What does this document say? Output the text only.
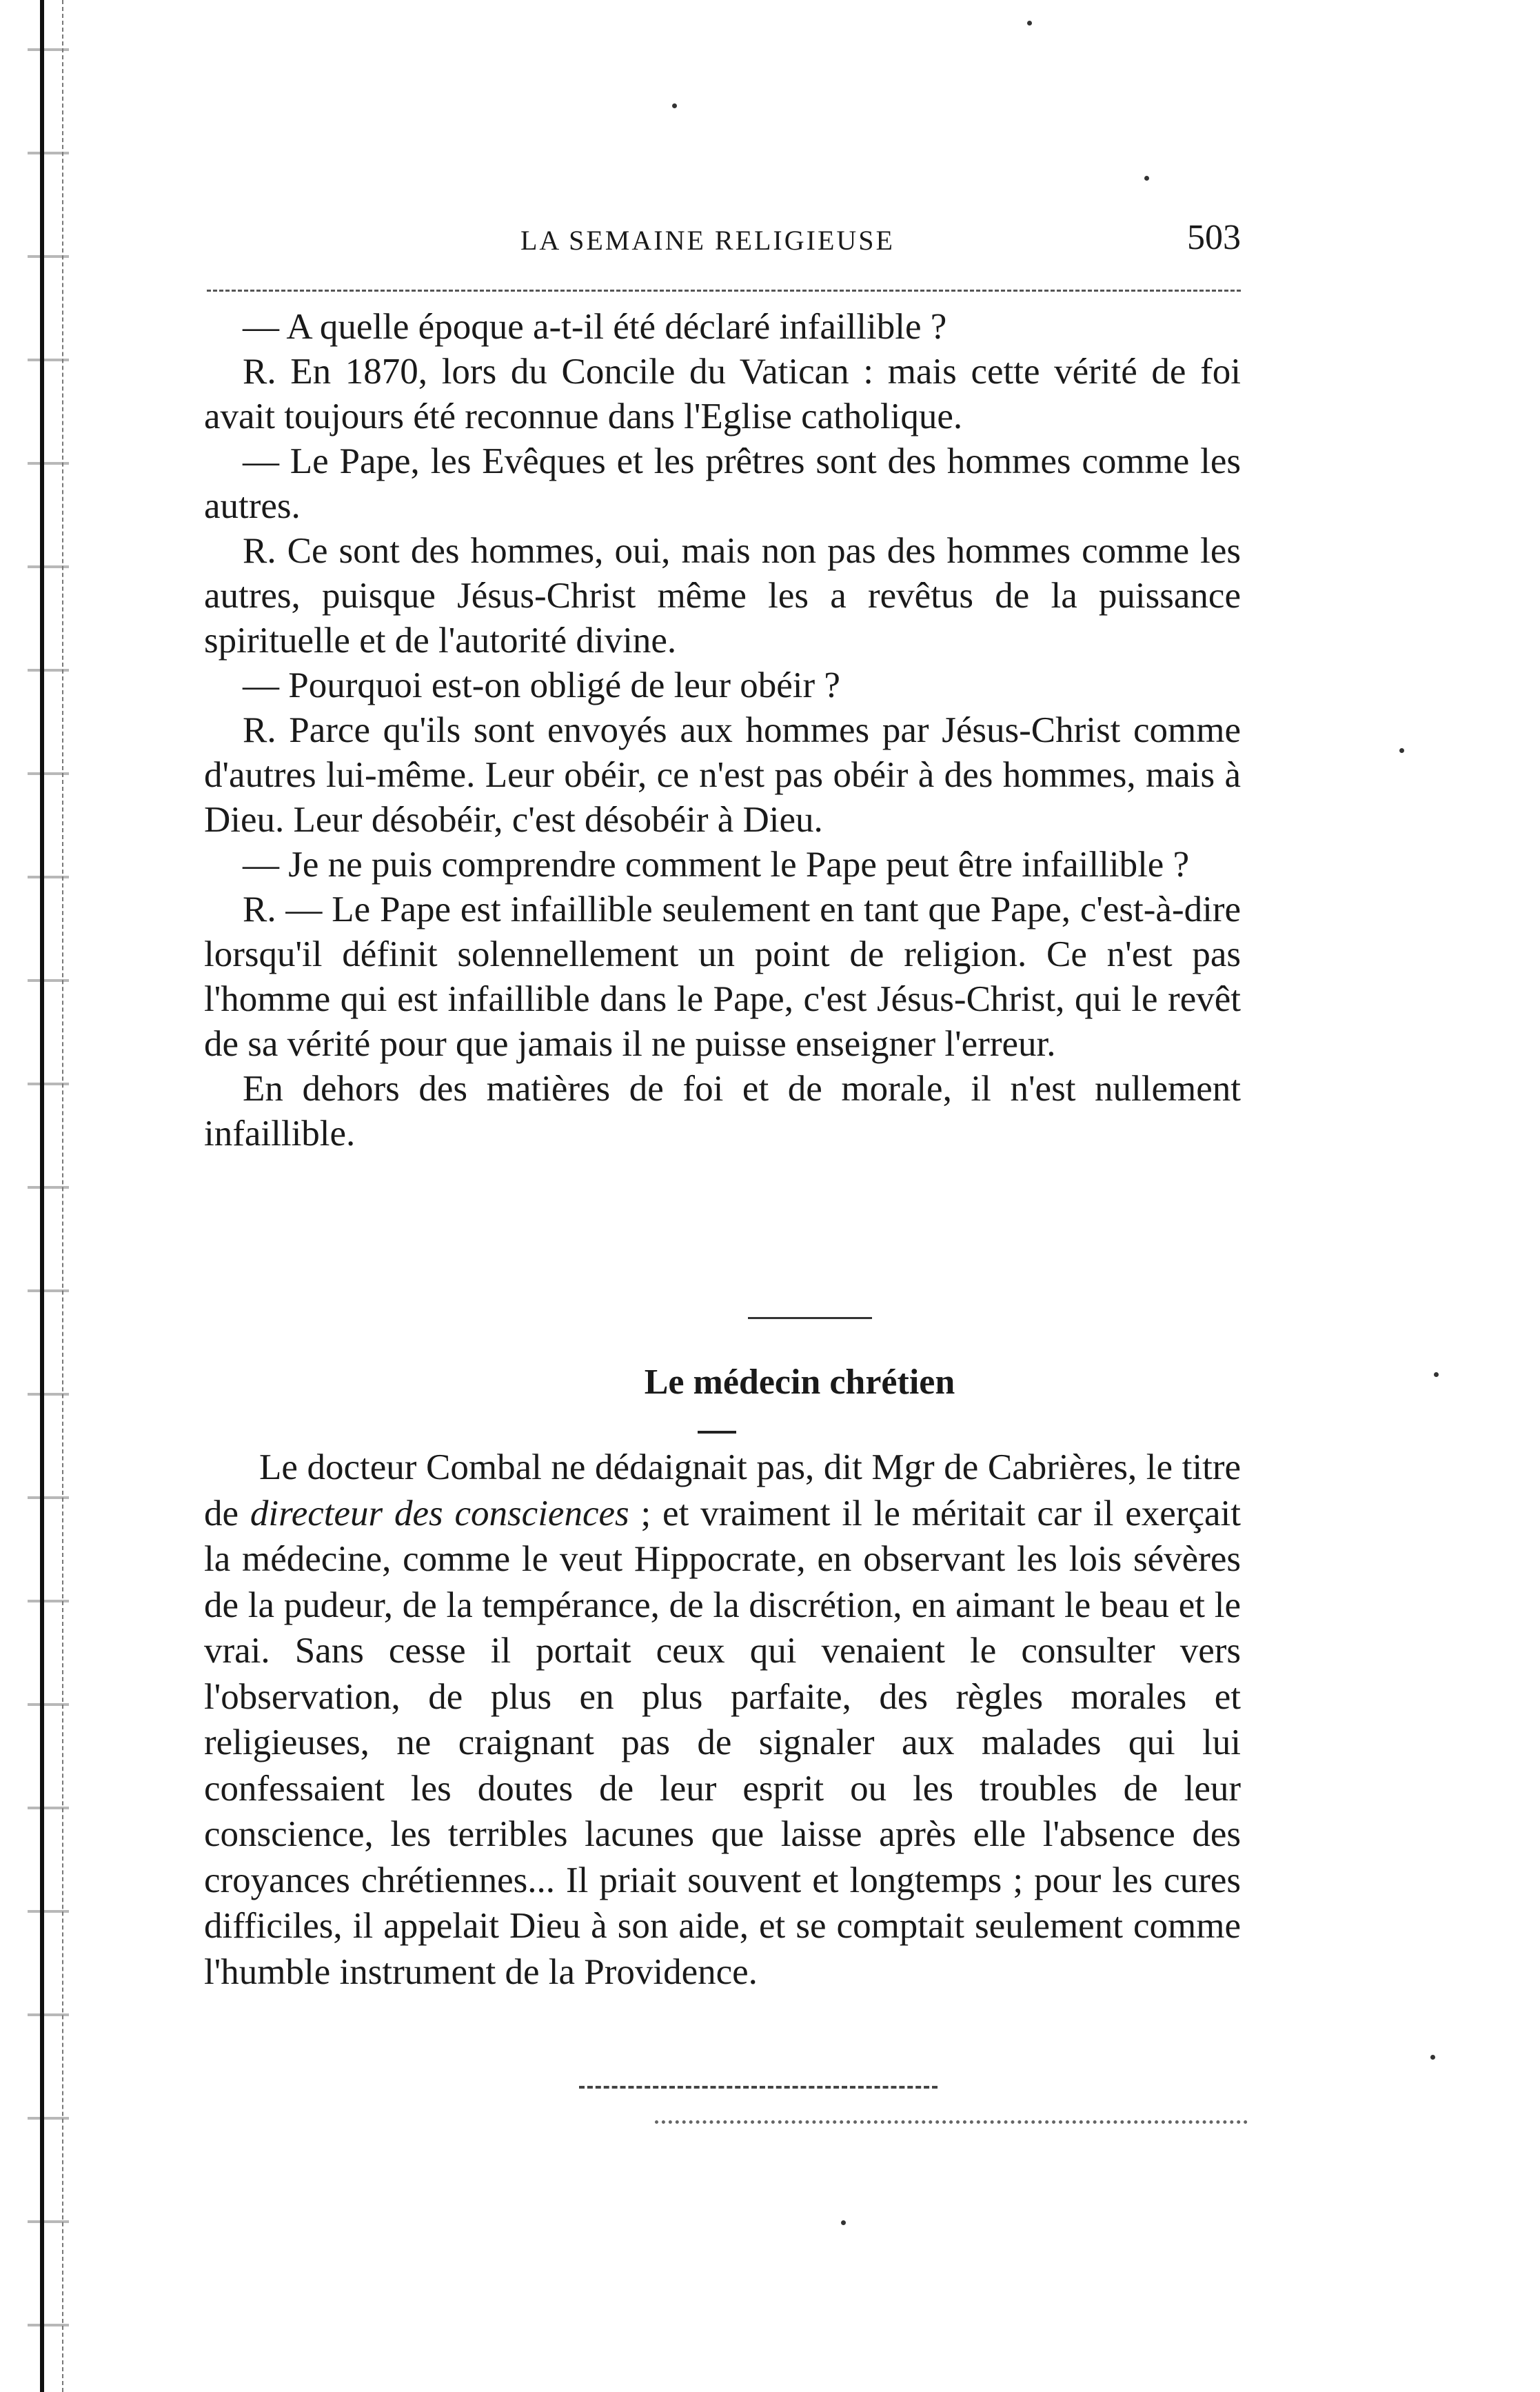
LA SEMAINE RELIGIEUSE	503

— A quelle époque a-t-il été déclaré infaillible ?

R. En 1870, lors du Concile du Vatican : mais cette vérité de foi avait toujours été reconnue dans l'Eglise catholique.

— Le Pape, les Evêques et les prêtres sont des hommes comme les autres.

R. Ce sont des hommes, oui, mais non pas des hommes comme les autres, puisque Jésus-Christ même les a revêtus de la puissance spirituelle et de l'autorité divine.

— Pourquoi est-on obligé de leur obéir ?

R. Parce qu'ils sont envoyés aux hommes par Jésus-Christ comme d'autres lui-même. Leur obéir, ce n'est pas obéir à des hommes, mais à Dieu. Leur désobéir, c'est désobéir à Dieu.

— Je ne puis comprendre comment le Pape peut être infaillible ?

R. — Le Pape est infaillible seulement en tant que Pape, c'est-à-dire lorsqu'il définit solennellement un point de religion. Ce n'est pas l'homme qui est infaillible dans le Pape, c'est Jésus-Christ, qui le revêt de sa vérité pour que jamais il ne puisse enseigner l'erreur.

En dehors des matières de foi et de morale, il n'est nullement infaillible.

Le médecin chrétien

Le docteur Combal ne dédaignait pas, dit Mgr de Cabrières, le titre de directeur des consciences ; et vraiment il le méritait car il exerçait la médecine, comme le veut Hippocrate, en observant les lois sévères de la pudeur, de la tempérance, de la discrétion, en aimant le beau et le vrai. Sans cesse il portait ceux qui venaient le consulter vers l'observation, de plus en plus parfaite, des règles morales et religieuses, ne craignant pas de signaler aux malades qui lui confessaient les doutes de leur esprit ou les troubles de leur conscience, les terribles lacunes que laisse après elle l'absence des croyances chrétiennes... Il priait souvent et longtemps ; pour les cures difficiles, il appelait Dieu à son aide, et se comptait seulement comme l'humble instrument de la Providence.
